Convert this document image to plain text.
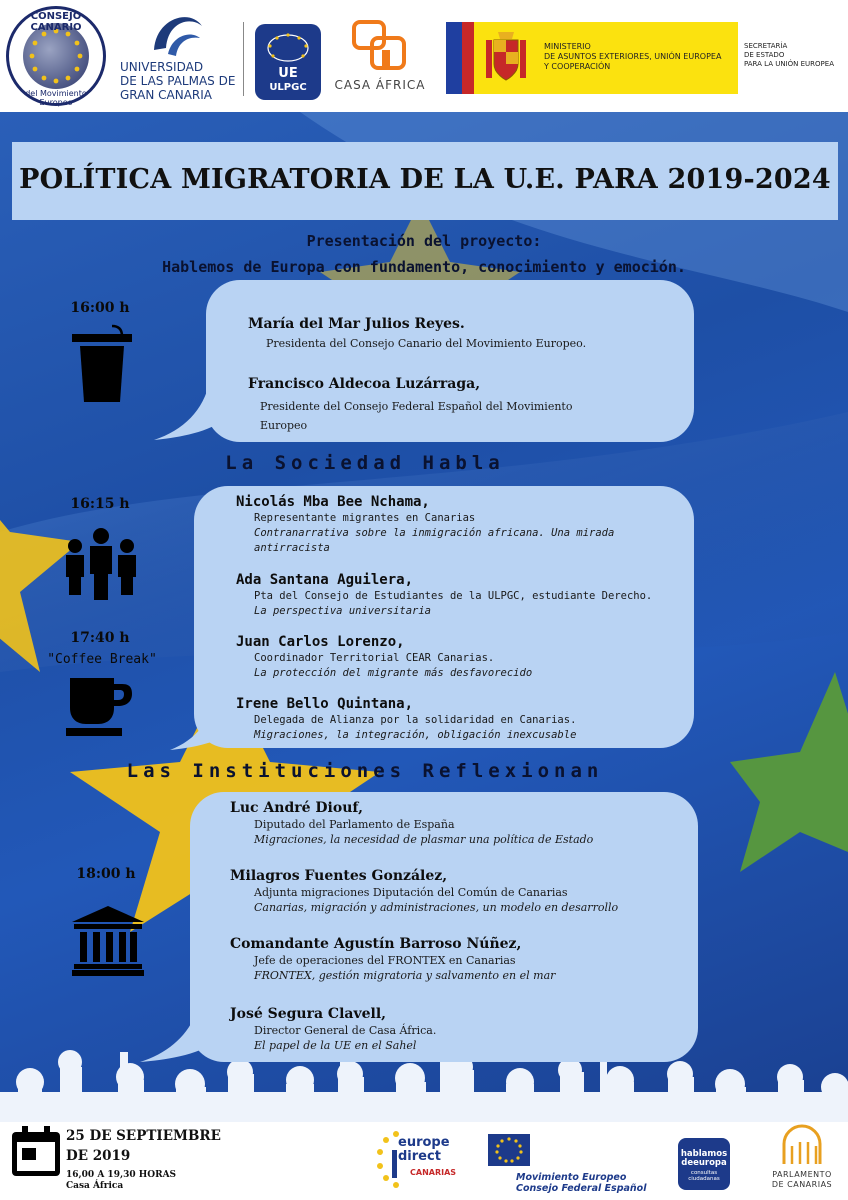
CONSEJO CANARIO
del Movimiento Europeo
UNIVERSIDAD
DE LAS PALMAS DE
GRAN CANARIA
UE
ULPGC	CASA ÁFRICA
MINISTERIO
DE ASUNTOS EXTERIORES, UNIÓN EUROPEA
Y COOPERACIÓN
SECRETARÍA
DE ESTADO
PARA LA UNIÓN EUROPEA
POLÍTICA MIGRATORIA DE LA U.E. PARA 2019-2024
Presentación del proyecto:
Hablemos de Europa con fundamento, conocimiento y emoción.
16:00 h
María del Mar Julios Reyes.
Presidenta del Consejo Canario del Movimiento Europeo.
Francisco Aldecoa Luzárraga,
Presidente del Consejo Federal Español del Movimiento
Europeo
La Sociedad Habla
16:15 h
17:40 h
"Coffee Break"
Nicolás Mba Bee Nchama,
Representante migrantes en Canarias
Contranarrativa sobre la inmigración africana. Una mirada
antirracista
Ada Santana Aguilera,
Pta del Consejo de Estudiantes de la ULPGC, estudiante Derecho.
La perspectiva universitaria
Juan Carlos Lorenzo,
Coordinador Territorial CEAR Canarias.
La protección del migrante más desfavorecido
Irene Bello Quintana,
Delegada de Alianza por la solidaridad en Canarias.
Migraciones, la integración, obligación inexcusable
Las Instituciones Reflexionan
18:00 h
Luc André Diouf,
Diputado del Parlamento de España
Migraciones, la necesidad de plasmar una política de Estado
Milagros Fuentes González,
Adjunta migraciones Diputación del Común de Canarias
Canarias, migración y administraciones, un modelo en desarrollo
Comandante Agustín Barroso Núñez,
Jefe de operaciones del FRONTEX en Canarias
FRONTEX, gestión migratoria y salvamento en el mar
José Segura Clavell,
Director General de Casa África.
El papel de la UE en el Sahel
25 DE SEPTIEMBRE
DE 2019
16,00 A 19,30 HORAS
Casa África
europe
direct
CANARIAS	Movimiento Europeo
Consejo Federal Español
hablamos
deeuropa
consultas
ciudadanas	PARLAMENTO
DE CANARIAS
